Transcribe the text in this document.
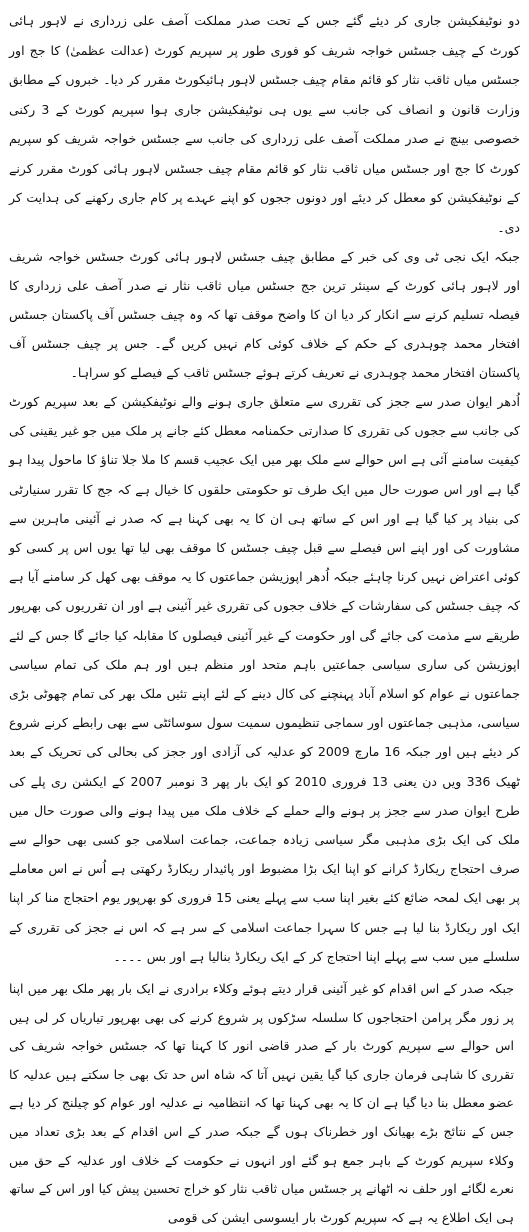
دو نوٹیفکیشن جاری کر دیئے گئے جس کے تحت صدر مملکت آصف علی زرداری نے لاہور ہائی کورٹ کے چیف جسٹس خواجہ شریف کو فوری طور پر سپریم کورٹ (عدالت عظمیٰ) کا جج اور جسٹس میاں ثاقب نثار کو قائم مقام چیف جسٹس لاہور ہائیکورٹ مقرر کر دیا۔ خبروں کے مطابق وزارت قانون و انصاف کی جانب سے یوں ہی نوٹیفکیشن جاری ہوا سپریم کورٹ کے 3 رکنی خصوصی بینچ نے صدر مملکت آصف علی زرداری کی جانب سے جسٹس خواجہ شریف کو سپریم کورٹ کا جج اور جسٹس میاں ثاقب نثار کو قائم مقام چیف جسٹس لاہور ہائی کورٹ مقرر کرنے کے نوٹیفکیشن کو معطل کر دیئے اور دونوں ججوں کو اپنے عہدے پر کام جاری رکھنے کی ہدایت کر دی۔

جبکہ ایک نجی ٹی وی کی خبر کے مطابق چیف جسٹس لاہور ہائی کورٹ جسٹس خواجہ شریف اور لاہور ہائی کورٹ کے سینئر ترین جج جسٹس میاں ثاقب نثار نے صدر آصف علی زرداری کا فیصلہ تسلیم کرنے سے انکار کر دیا ان کا واضح موقف تھا کہ وہ چیف جسٹس آف پاکستان جسٹس افتخار محمد چوہدری کے حکم کے خلاف کوئی کام نہیں کریں گے۔ جس پر چیف جسٹس آف پاکستان افتخار محمد چوہدری نے تعریف کرتے ہوئے جسٹس ثاقب کے فیصلے کو سراہا۔

اُدھر ایوان صدر سے ججز کی تقرری سے متعلق جاری ہونے والے نوٹیفکیشن کے بعد سپریم کورٹ کی جانب سے ججوں کی تقرری کا صدارتی حکمنامہ معطل کئے جانے پر ملک میں جو غیر یقینی کی کیفیت سامنے آئی ہے اس حوالے سے ملک بھر میں ایک عجیب قسم کا ملا جلا تناؤ کا ماحول پیدا ہو گیا ہے اور اس صورت حال میں ایک طرف تو حکومتی حلقوں کا خیال ہے کہ جج کا تقرر سنیارٹی کی بنیاد پر کیا گیا ہے اور اس کے ساتھ ہی ان کا یہ بھی کہنا ہے کہ صدر نے آئینی ماہرین سے مشاورت کی اور اپنے اس فیصلے سے قبل چیف جسٹس کا موقف بھی لیا تھا یوں اس پر کسی کو کوئی اعتراض نہیں کرنا چاہئے جبکہ اُدھر اپوزیشن جماعتوں کا یہ موقف بھی کھل کر سامنے آیا ہے کہ چیف جسٹس کی سفارشات کے خلاف ججوں کی تقرری غیر آئینی ہے اور ان تقرریوں کی بھرپور طریقے سے مذمت کی جائے گی اور حکومت کے غیر آئینی فیصلوں کا مقابلہ کیا جائے گا جس کے لئے اپوزیشن کی ساری سیاسی جماعتیں باہم متحد اور منظم ہیں اور ہم ملک کی تمام سیاسی جماعتوں نے عوام کو اسلام آباد پہنچنے کی کال دینے کے لئے اپنے تئیں ملک بھر کی تمام چھوٹی بڑی سیاسی، مذہبی جماعتوں اور سماجی تنظیموں سمیت سول سوسائٹی سے بھی رابطے کرنے شروع کر دیئے ہیں اور جبکہ 16 مارچ 2009 کو عدلیہ کی آزادی اور ججز کی بحالی کی تحریک کے بعد ٹھیک 336 ویں دن یعنی 13 فروری 2010 کو ایک بار پھر 3 نومبر 2007 کے ایکشن ری پلے کی طرح ایوان صدر سے ججز پر ہونے والے حملے کے خلاف ملک میں پیدا ہونے والی صورت حال میں ملک کی ایک بڑی مذہبی مگر سیاسی زیادہ جماعت، جماعت اسلامی جو کسی بھی حوالے سے صرف احتجاج ریکارڈ کرانے کو اپنا ایک بڑا مضبوط اور پائیدار ریکارڈ رکھتی ہے اُس نے اس معاملے پر بھی ایک لمحہ ضائع کئے بغیر اپنا سب سے پہلے یعنی 15 فروری کو بھرپور یوم احتجاج منا کر اپنا ایک اور ریکارڈ بنا لیا ہے جس کا سہرا جماعت اسلامی کے سر ہے کہ اس نے ججز کی تقرری کے سلسلے میں سب سے پہلے اپنا احتجاج کر کے ایک ریکارڈ بنالیا ہے اور بس ۔۔۔۔

جبکہ صدر کے اس اقدام کو غیر آئینی قرار دیتے ہوئے وکلاء برادری نے ایک بار پھر ملک بھر میں اپنا پر زور مگر پرامن احتجاجوں کا سلسلہ سڑکوں پر شروع کرنے کی بھی بھرپور تیاریاں کر لی ہیں اس حوالے سے سپریم کورٹ بار کے صدر قاضی انور کا کہنا تھا کہ جسٹس خواجہ شریف کی تقرری کا شاہی فرمان جاری کیا گیا یقین نہیں آتا کہ شاہ اس حد تک بھی جا سکتے ہیں عدلیہ کا عضو معطل بنا دیا گیا ہے ان کا یہ بھی کہنا تھا کہ انتظامیہ نے عدلیہ اور عوام کو چیلنج کر دیا ہے جس کے نتائج بڑے بھیانک اور خطرناک ہوں گے جبکہ صدر کے اس اقدام کے بعد بڑی تعداد میں وکلاء سپریم کورٹ کے باہر جمع ہو گئے اور انہوں نے حکومت کے خلاف اور عدلیہ کے حق میں نعرے لگائے اور حلف نہ اٹھانے پر جسٹس میاں ثاقب نثار کو خراج تحسین پیش کیا اور اس کے ساتھ ہی ایک اطلاع یہ ہے کہ سپریم کورٹ بار ایسوسی ایشن کی قومی
